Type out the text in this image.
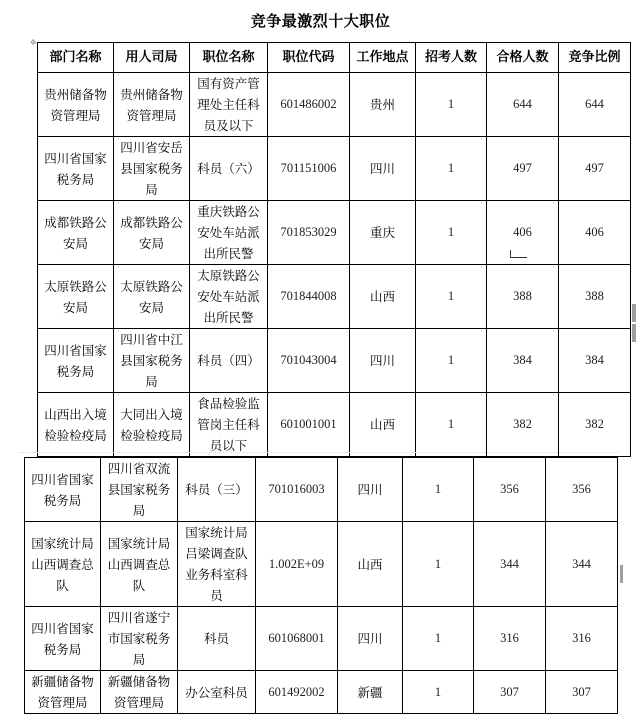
竞争最激烈十大职位
✥
部门名称	用人司局	职位名称	职位代码	工作地点	招考人数	合格人数	竞争比例
贵州储备物资管理局	贵州储备物资管理局	国有资产管理处主任科员及以下	601486002	贵州	1	644	644
四川省国家税务局	四川省安岳县国家税务局	科员（六）	701151006	四川	1	497	497
成都铁路公安局	成都铁路公安局	重庆铁路公安处车站派出所民警	701853029	重庆	1	406	406
太原铁路公安局	太原铁路公安局	太原铁路公安处车站派出所民警	701844008	山西	1	388	388
四川省国家税务局	四川省中江县国家税务局	科员（四）	701043004	四川	1	384	384
山西出入境检验检疫局	大同出入境检验检疫局	食品检验监管岗主任科员以下	601001001	山西	1	382	382
四川省国家税务局	四川省双流县国家税务局	科员（三）	701016003	四川	1	356	356
国家统计局山西调查总队	国家统计局山西调查总队	国家统计局吕梁调查队业务科室科员	1.002E+09	山西	1	344	344
四川省国家税务局	四川省遂宁市国家税务局	科员	601068001	四川	1	316	316
新疆储备物资管理局	新疆储备物资管理局	办公室科员	601492002	新疆	1	307	307
